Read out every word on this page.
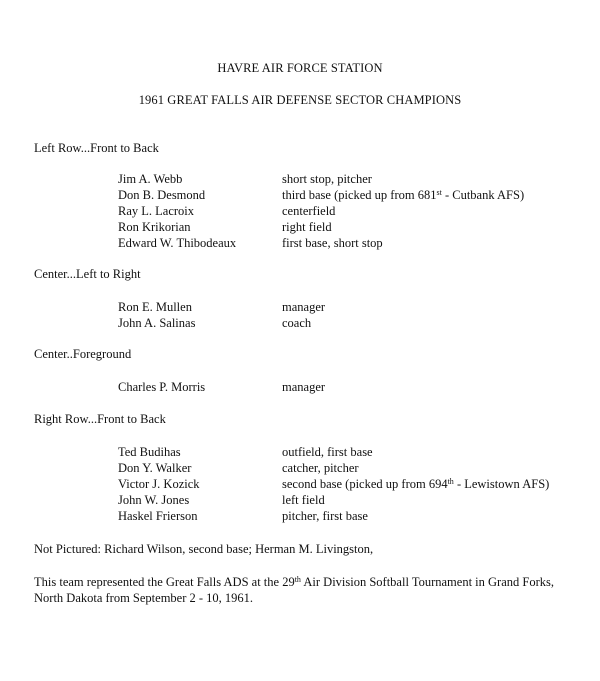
HAVRE AIR FORCE STATION
1961 GREAT FALLS AIR DEFENSE SECTOR CHAMPIONS
Left Row...Front to Back
Jim A. Webb	short stop, pitcher
Don B. Desmond	third base (picked up from 681st - Cutbank AFS)
Ray L. Lacroix	centerfield
Ron Krikorian	right field
Edward W. Thibodeaux	first base, short stop
Center...Left to Right
Ron E. Mullen	manager
John A. Salinas	coach
Center..Foreground
Charles P. Morris	manager
Right Row...Front to Back
Ted Budihas	outfield, first base
Don Y. Walker	catcher, pitcher
Victor J. Kozick	second base (picked up from 694th - Lewistown AFS)
John W. Jones	left field
Haskel Frierson	pitcher, first base
Not Pictured: Richard Wilson, second base; Herman M. Livingston,
This team represented the Great Falls ADS at the 29th Air Division Softball Tournament in Grand Forks, North Dakota from September 2 - 10, 1961.
